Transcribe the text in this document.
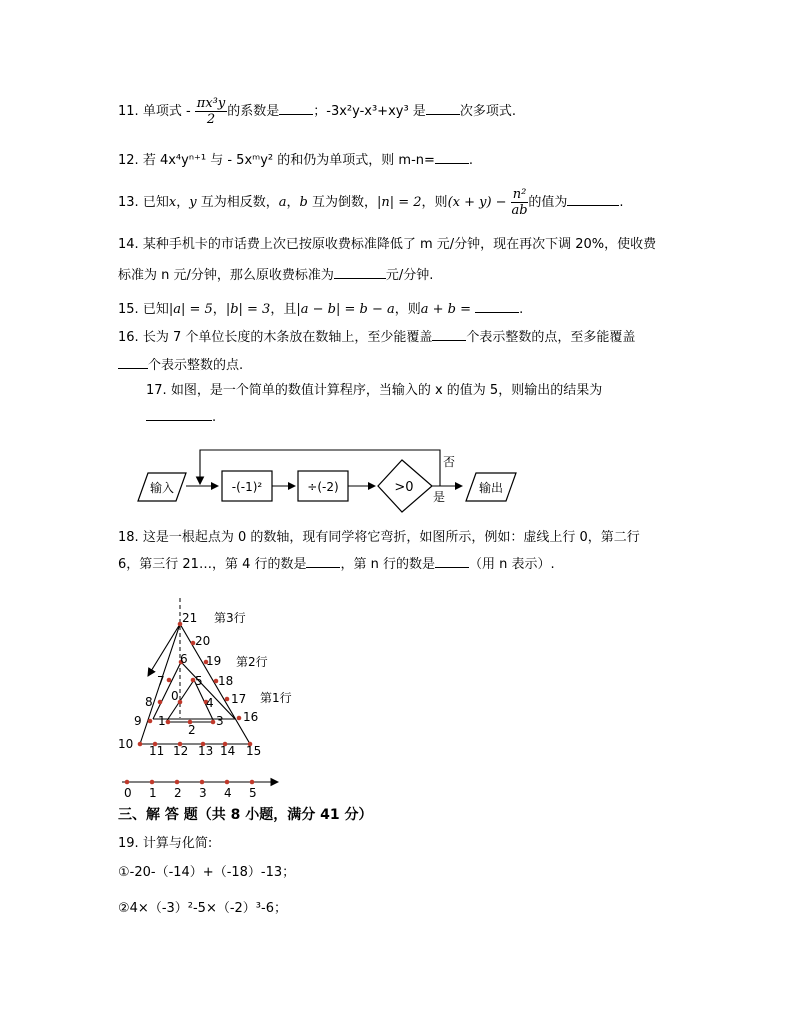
11. 单项式 - $\frac{\text{πx³y}}{2}$ 的系数是	；-3x²y-x³+xy³ 是	次多项式.
12. 若 4x⁴yⁿ⁺¹ 与 - 5xᵐy² 的和仍为单项式，则 m-n=	.
13. 已知x，y 互为相反数，a，b 互为倒数，|n| = 2，则$(x + y) - \frac{\text{n²}}{ab}$ 的值为	.
14. 某种手机卡的市话费上次已按原收费标准降低了 m 元/分钟，现在再次下调 20%，使收费
标准为 n 元/分钟，那么原收费标准为	元/分钟.
15. 已知|a| = 5，|b| = 3，且|a − b| = b − a，则a + b =	.
16. 长为 7 个单位长度的木条放在数轴上，至少能覆盖	个表示整数的点，至多能覆盖
个表示整数的点.
17. 如图，是一个简单的数值计算程序，当输入的 x 的值为 5，则输出的结果为
.
输入	-(-1)²	÷(-2)	>0
否
是
输出
18. 这是一根起点为 0 的数轴，现有同学将它弯折，如图所示，例如：虚线上行 0，第二行
6，第三行 21…，第 4 行的数是	，第 n 行的数是	（用 n 表示）.
0
1
2
3
4
5
6
7
8
9
10 11 12 13 14 15
16
17
18
19
20
21 第3行
第2行
第1行
0 1 2 3 4 5
三、解 答 题（共 8 小题，满分 41 分）
19. 计算与化简:
①-20-（-14）+（-18）-13；
②4×（-3）²-5×（-2）³-6；
